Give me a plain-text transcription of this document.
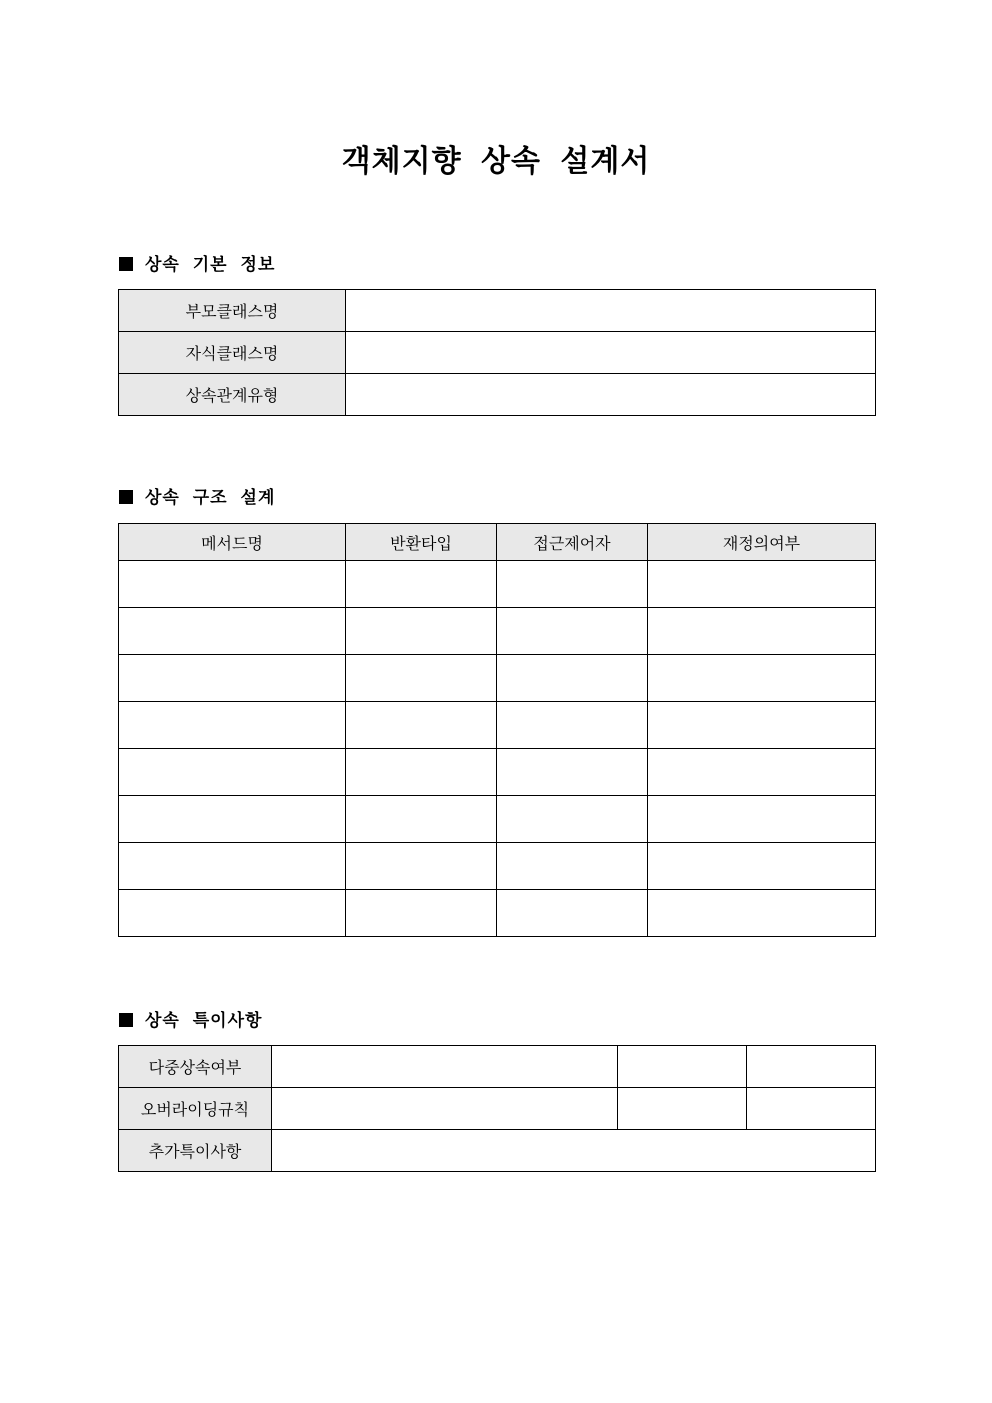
객체지향 상속 설계서
상속 기본 정보
부모클래스명	
자식클래스명	
상속관계유형	
상속 구조 설계
메서드명	반환타입	접근제어자	재정의여부

상속 특이사항
다중상속여부			
오버라이딩규칙			
추가특이사항			
